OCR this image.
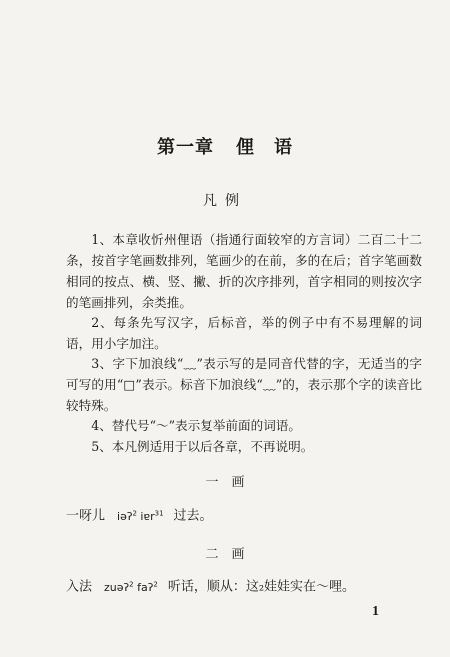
第一章 俚　语
凡例
1、本章收忻州俚语（指通行面较窄的方言词）二百二十二条，按首字笔画数排列，笔画少的在前，多的在后；首字笔画数相同的按点、横、竖、撇、折的次序排列，首字相同的则按次字的笔画排列，余类推。
2、每条先写汉字，后标音，举的例子中有不易理解的词语，用小字加注。
3、字下加浪线“﹏”表示写的是同音代替的字，无适当的字可写的用“□”表示。标音下加浪线“﹏”的，表示那个字的读音比较特殊。
4、替代号“～”表示复举前面的词语。
5、本凡例适用于以后各章，不再说明。
一　画
一呀儿 iəʔ$^2$ iɐr$^{31}$ 过去。
二　画
入法 zuəʔ$^2$ faʔ$^2$ 听话，顺从：这₂娃娃实在～哩。
1
